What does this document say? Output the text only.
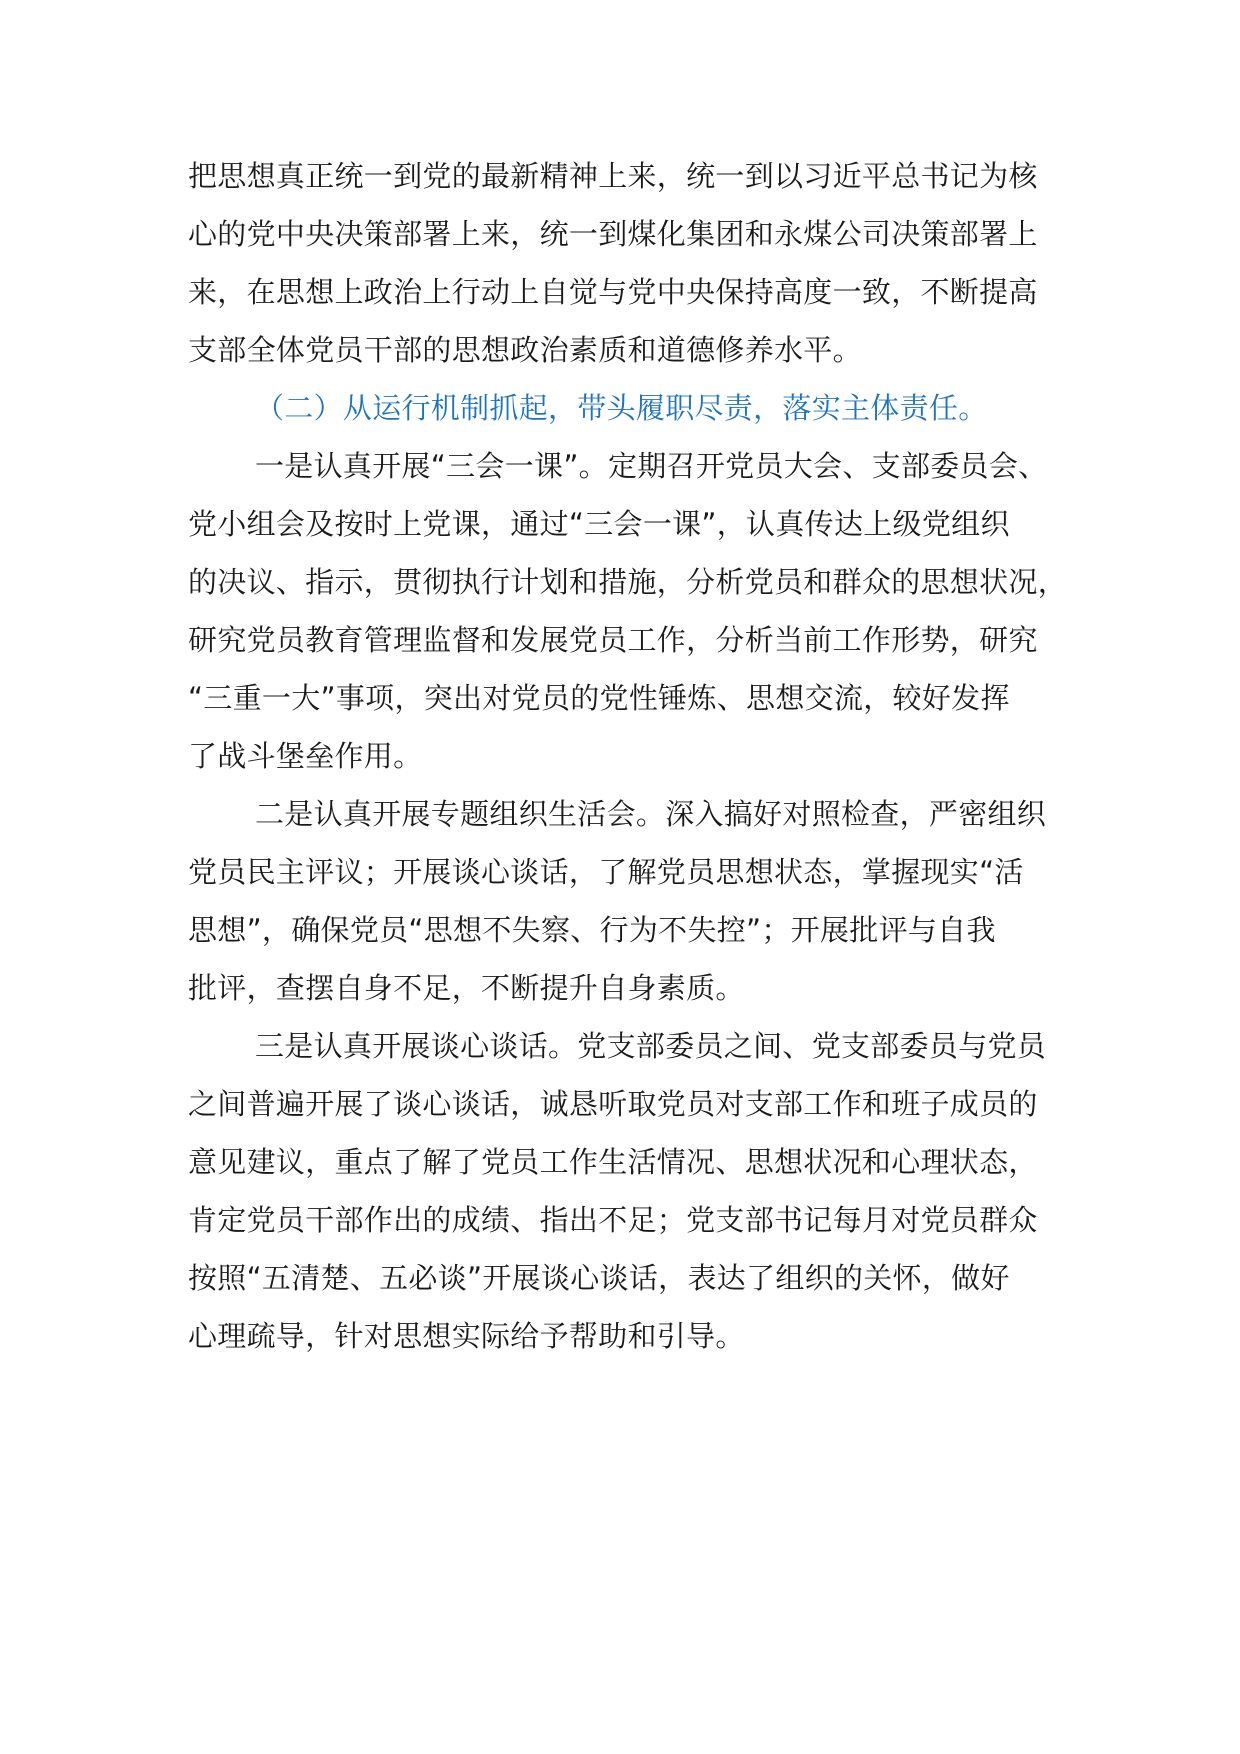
把思想真正统一到党的最新精神上来，统一到以习近平总书记为核
心的党中央决策部署上来，统一到煤化集团和永煤公司决策部署上
来，在思想上政治上行动上自觉与党中央保持高度一致，不断提高
支部全体党员干部的思想政治素质和道德修养水平。
（二）从运行机制抓起，带头履职尽责，落实主体责任。
一是认真开展“三会一课”。定期召开党员大会、支部委员会、
党小组会及按时上党课，通过“三会一课”，认真传达上级党组织
的决议、指示，贯彻执行计划和措施，分析党员和群众的思想状况，
研究党员教育管理监督和发展党员工作，分析当前工作形势，研究
“三重一大”事项，突出对党员的党性锤炼、思想交流，较好发挥
了战斗堡垒作用。
二是认真开展专题组织生活会。深入搞好对照检查，严密组织
党员民主评议；开展谈心谈话，了解党员思想状态，掌握现实“活
思想”，确保党员“思想不失察、行为不失控”；开展批评与自我
批评，查摆自身不足，不断提升自身素质。
三是认真开展谈心谈话。党支部委员之间、党支部委员与党员
之间普遍开展了谈心谈话，诚恳听取党员对支部工作和班子成员的
意见建议，重点了解了党员工作生活情况、思想状况和心理状态，
肯定党员干部作出的成绩、指出不足；党支部书记每月对党员群众
按照“五清楚、五必谈”开展谈心谈话，表达了组织的关怀，做好
心理疏导，针对思想实际给予帮助和引导。
